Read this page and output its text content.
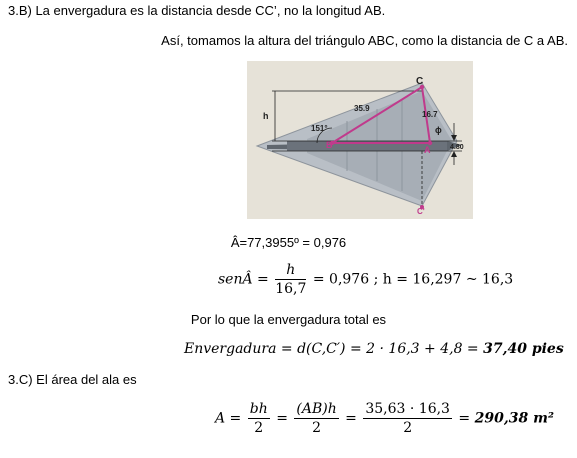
3.B) La envergadura es la distancia desde CC’, no la longitud AB.
Así, tomamos la altura del triángulo ABC, como la distancia de C a AB.
C
h
35.9
16.7
151°
B	A
ϕ
4.80
C'
Â=77,3955º = 0,976
senÂ = $\frac{h}{16,7} = 0,976$ ; h = 16,297 ~ 16,3
Por lo que la envergadura total es
Envergadura = d(C,C′) = 2 · 16,3 + 4,8 = 37,40 pies
3.C) El área del ala es
$A = \frac{bh}{2} = \frac{(AB)h}{2} = \frac{35,63 \cdot 16,3}{2} = 290,38$ m²
